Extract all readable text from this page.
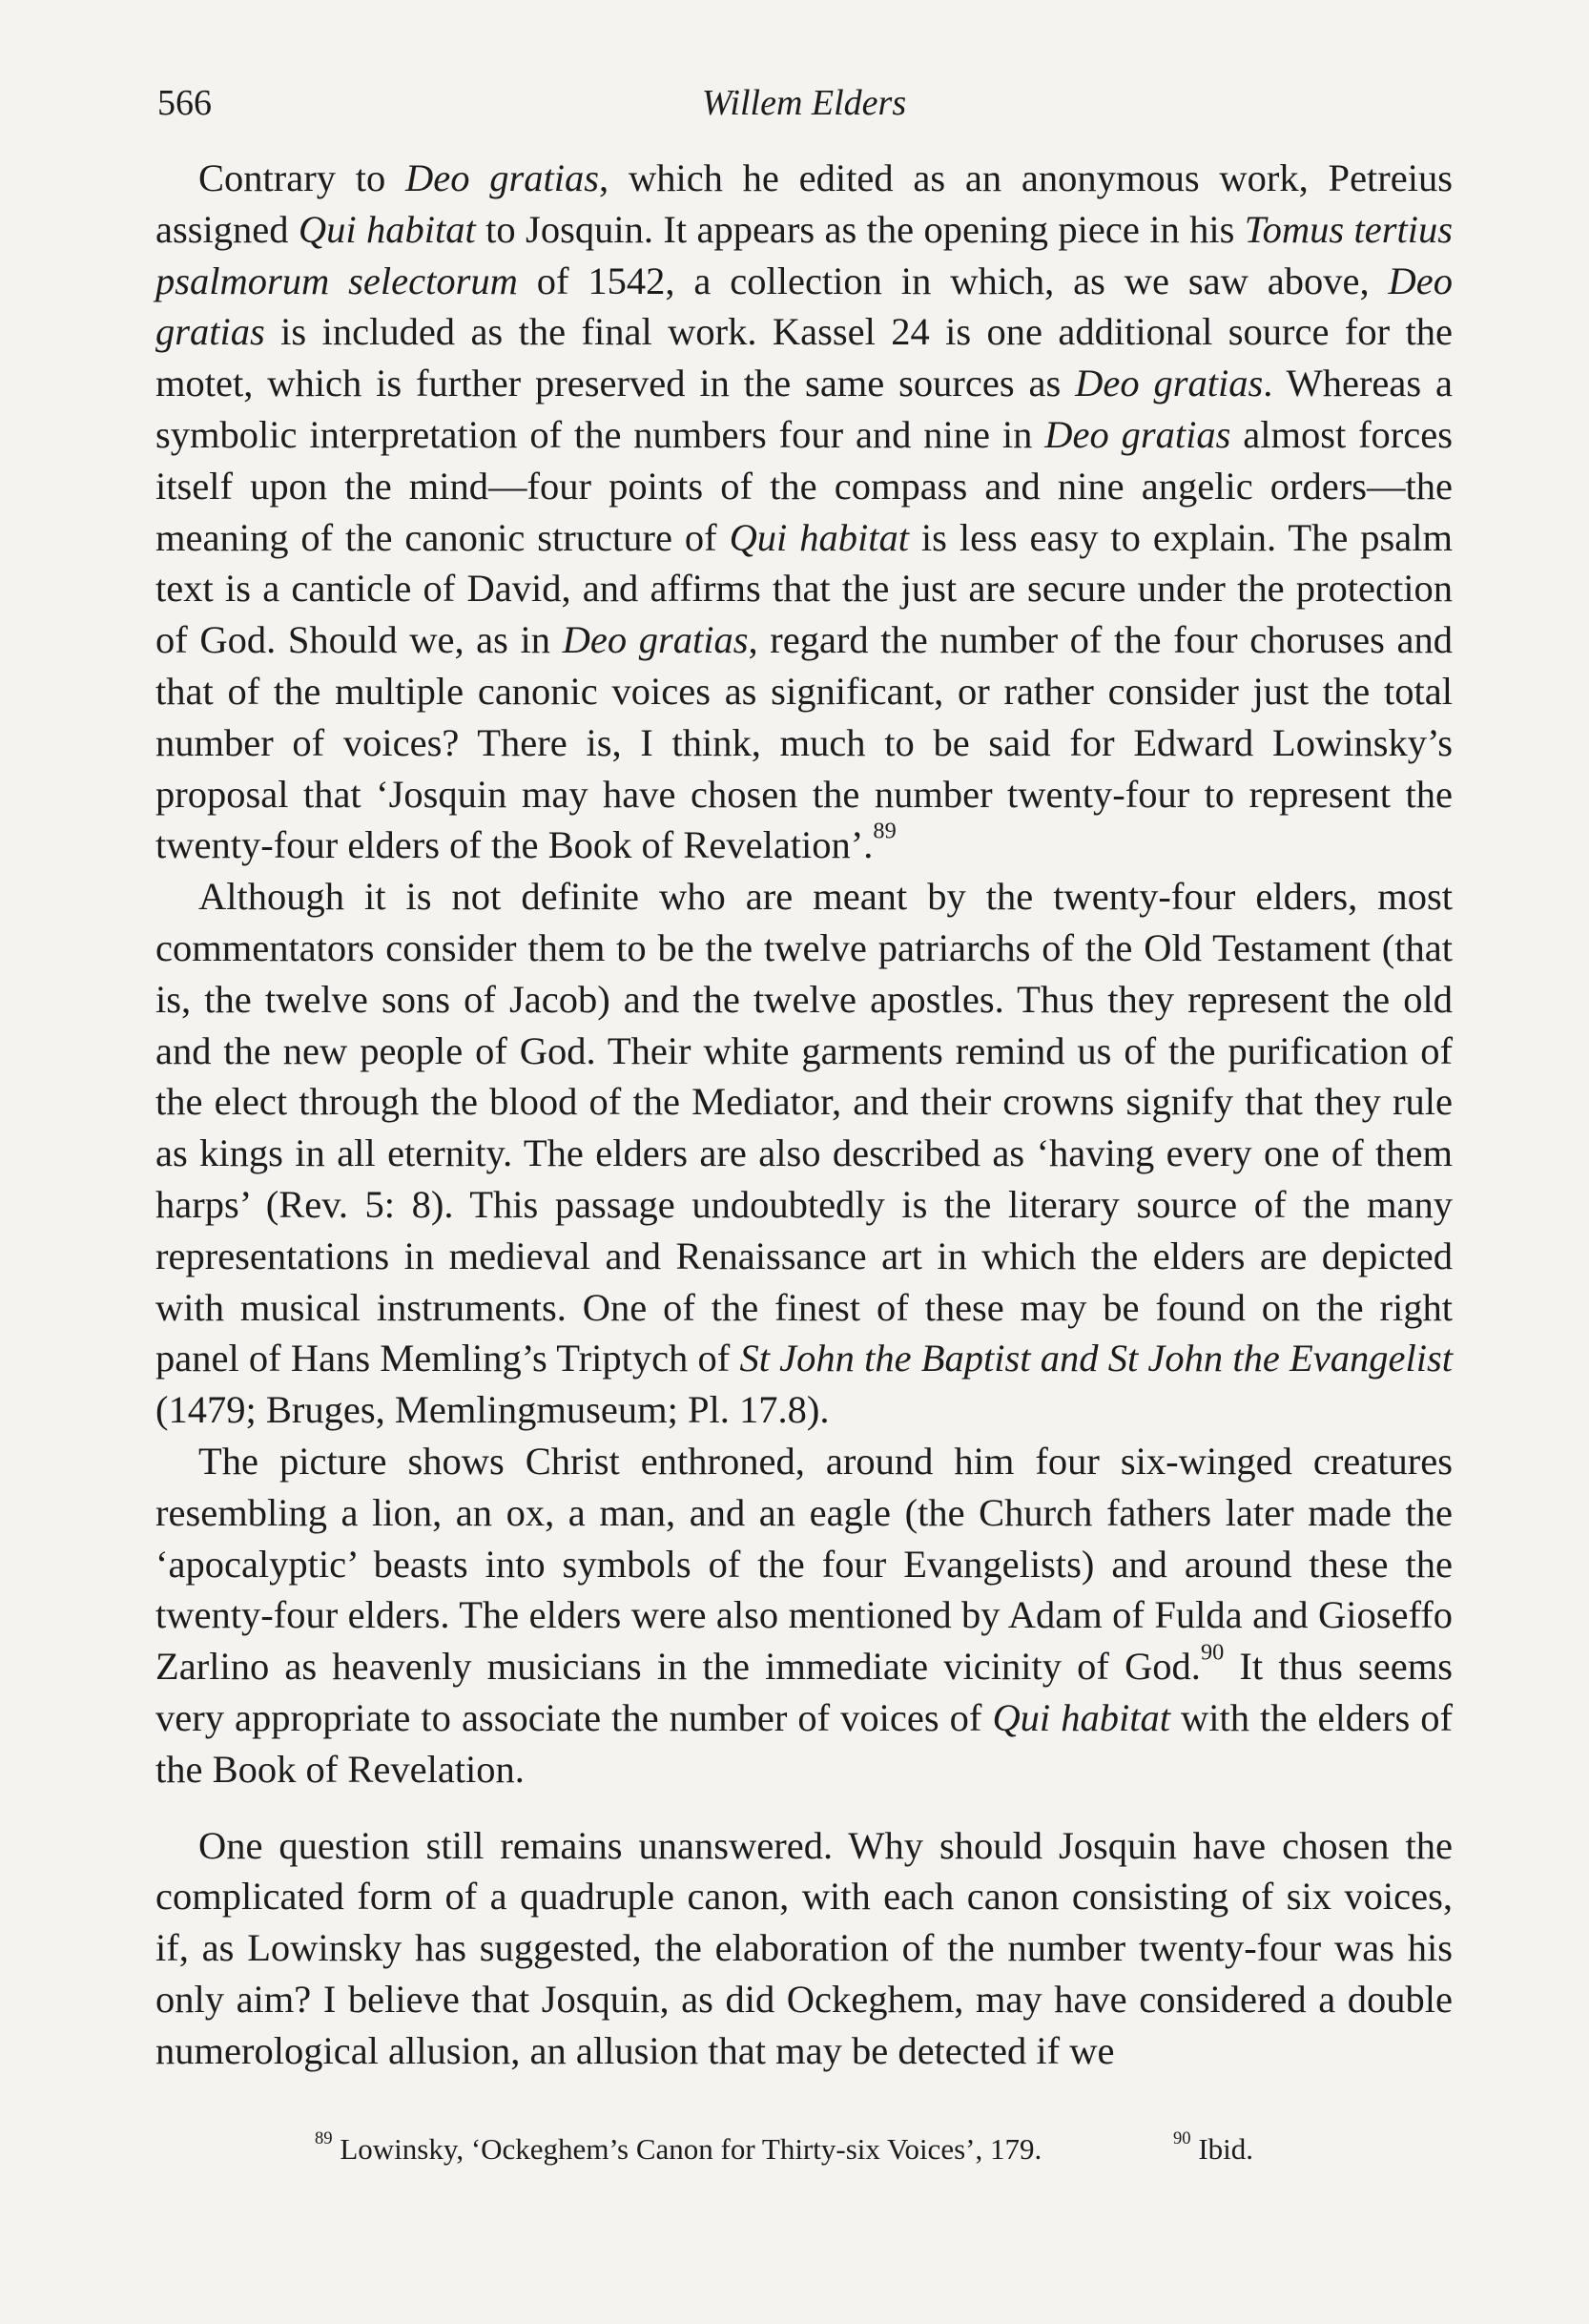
566	Willem Elders

Contrary to Deo gratias, which he edited as an anonymous work, Petreius assigned Qui habitat to Josquin. It appears as the opening piece in his Tomus tertius psalmorum selectorum of 1542, a collection in which, as we saw above, Deo gratias is included as the final work. Kassel 24 is one additional source for the motet, which is further preserved in the same sources as Deo gratias. Whereas a symbolic interpretation of the numbers four and nine in Deo gratias almost forces itself upon the mind—four points of the compass and nine angelic orders—the meaning of the canonic structure of Qui habitat is less easy to explain. The psalm text is a canticle of David, and affirms that the just are secure under the protection of God. Should we, as in Deo gratias, regard the number of the four choruses and that of the multiple canonic voices as significant, or rather consider just the total number of voices? There is, I think, much to be said for Edward Lowinsky’s proposal that ‘Josquin may have chosen the number twenty-four to represent the twenty-four elders of the Book of Revelation’.$^{89}$

Although it is not definite who are meant by the twenty-four elders, most commentators consider them to be the twelve patriarchs of the Old Testament (that is, the twelve sons of Jacob) and the twelve apostles. Thus they represent the old and the new people of God. Their white garments remind us of the purification of the elect through the blood of the Mediator, and their crowns signify that they rule as kings in all eternity. The elders are also described as ‘having every one of them harps’ (Rev. 5: 8). This passage undoubtedly is the literary source of the many representations in medieval and Renaissance art in which the elders are depicted with musical instruments. One of the finest of these may be found on the right panel of Hans Memling’s Triptych of St John the Baptist and St John the Evangelist (1479; Bruges, Memlingmuseum; Pl. 17.8).

The picture shows Christ enthroned, around him four six-winged creatures resembling a lion, an ox, a man, and an eagle (the Church fathers later made the ‘apocalyptic’ beasts into symbols of the four Evangelists) and around these the twenty-four elders. The elders were also mentioned by Adam of Fulda and Gioseffo Zarlino as heavenly musicians in the immediate vicinity of God.$^{90}$ It thus seems very appropriate to associate the number of voices of Qui habitat with the elders of the Book of Revelation.

One question still remains unanswered. Why should Josquin have chosen the complicated form of a quadruple canon, with each canon consisting of six voices, if, as Lowinsky has suggested, the elaboration of the number twenty-four was his only aim? I believe that Josquin, as did Ockeghem, may have considered a double numerological allusion, an allusion that may be detected if we

$^{89}$ Lowinsky, ‘Ockeghem’s Canon for Thirty-six Voices’, 179.	$^{90}$ Ibid.
